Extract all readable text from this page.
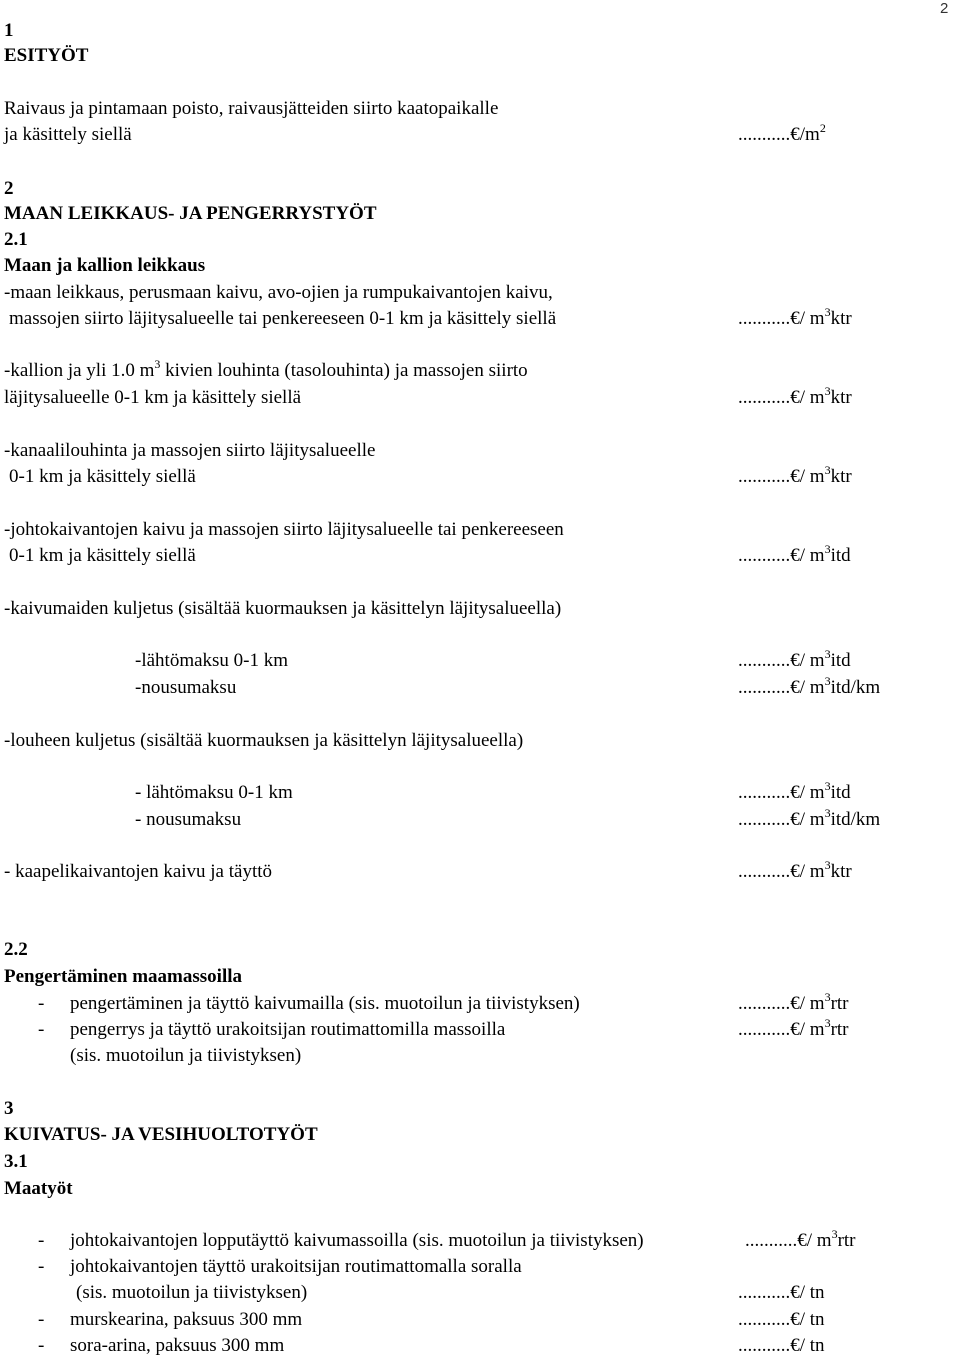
2
1
ESITYÖT
Raivaus ja pintamaan poisto, raivausjätteiden siirto kaatopaikalle
ja käsittely siellä	$...........€/m^2$
2
MAAN LEIKKAUS- JA PENGERRYSTYÖT
2.1
Maan ja kallion leikkaus
-maan leikkaus, perusmaan kaivu, avo-ojien ja rumpukaivantojen kaivu,
massojen siirto läjitysalueelle tai penkereeseen 0-1 km ja käsittely siellä	...........€/ $m^3ktr$
-kallion ja yli 1.0 $m^3$ kivien louhinta (tasolouhinta) ja massojen siirto
läjitysalueelle 0-1 km ja käsittely siellä	...........€/ $m^3ktr$
-kanaalilouhinta ja massojen siirto läjitysalueelle
0-1 km ja käsittely siellä	...........€/ $m^3ktr$
-johtokaivantojen kaivu ja massojen siirto läjitysalueelle tai penkereeseen
0-1 km ja käsittely siellä	...........€/ $m^3itd$
-kaivumaiden kuljetus (sisältää kuormauksen ja käsittelyn läjitysalueella)
-lähtömaksu 0-1 km	...........€/ $m^3itd$
-nousumaksu	...........€/ $m^3itd/km$
-louheen kuljetus (sisältää kuormauksen ja käsittelyn läjitysalueella)
- lähtömaksu 0-1 km	...........€/ $m^3itd$
- nousumaksu	...........€/ $m^3itd/km$
- kaapelikaivantojen kaivu ja täyttö	...........€/ $m^3ktr$
2.2
Pengertäminen maamassoilla
- pengertäminen ja täyttö kaivumailla (sis. muotoilun ja tiivistyksen)	...........€/ $m^3rtr$
- pengerrys ja täyttö urakoitsijan routimattomilla massoilla	...........€/ $m^3rtr$
(sis. muotoilun ja tiivistyksen)
3
KUIVATUS- JA VESIHUOLTOTYÖT
3.1
Maatyöt
- johtokaivantojen lopputäyttö kaivumassoilla (sis. muotoilun ja tiivistyksen)	...........€/ $m^3rtr$
- johtokaivantojen täyttö urakoitsijan routimattomalla soralla
(sis. muotoilun ja tiivistyksen)	...........€/ tn
- murskearina, paksuus 300 mm	...........€/ tn
- sora-arina, paksuus 300 mm	...........€/ tn
